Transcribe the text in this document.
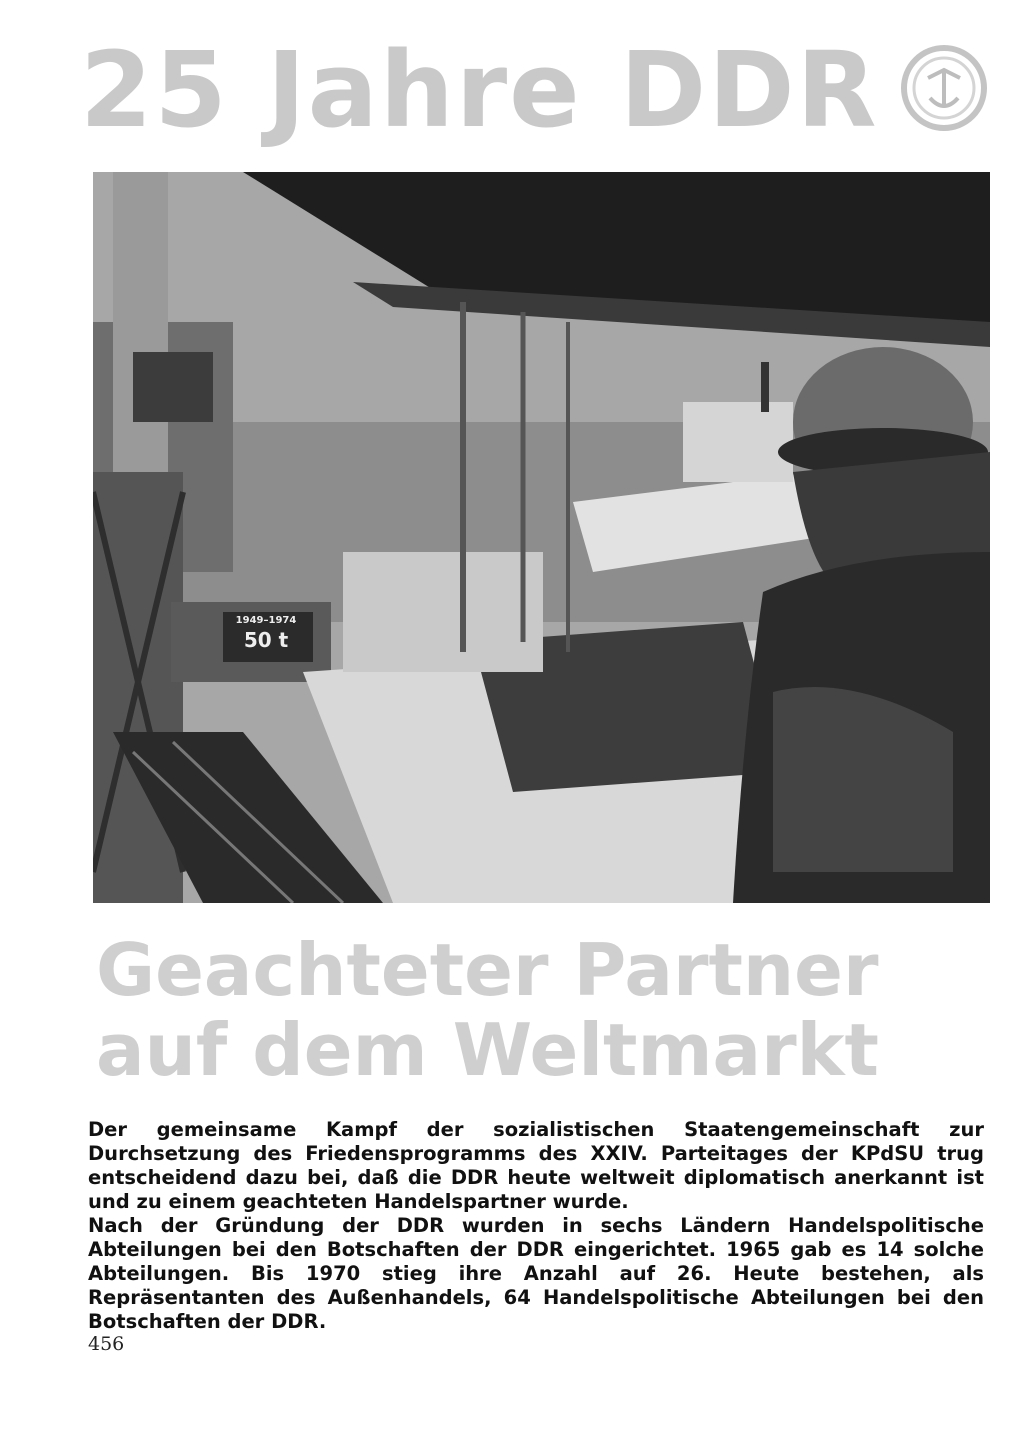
25 Jahre DDR
1949–1974
50 t
Geachteter Partner
auf dem Weltmarkt

Der gemeinsame Kampf der sozialistischen Staatengemeinschaft zur Durchsetzung des Friedensprogramms des XXIV. Parteitages der KPdSU trug entscheidend dazu bei, daß die DDR heute weltweit diplomatisch anerkannt ist und zu einem geachteten Handelspartner wurde.

Nach der Gründung der DDR wurden in sechs Ländern Handelspolitische Abteilungen bei den Botschaften der DDR eingerichtet. 1965 gab es 14 solche Abteilungen. Bis 1970 stieg ihre Anzahl auf 26. Heute bestehen, als Repräsentanten des Außenhandels, 64 Handelspolitische Abteilungen bei den Botschaften der DDR.

456
